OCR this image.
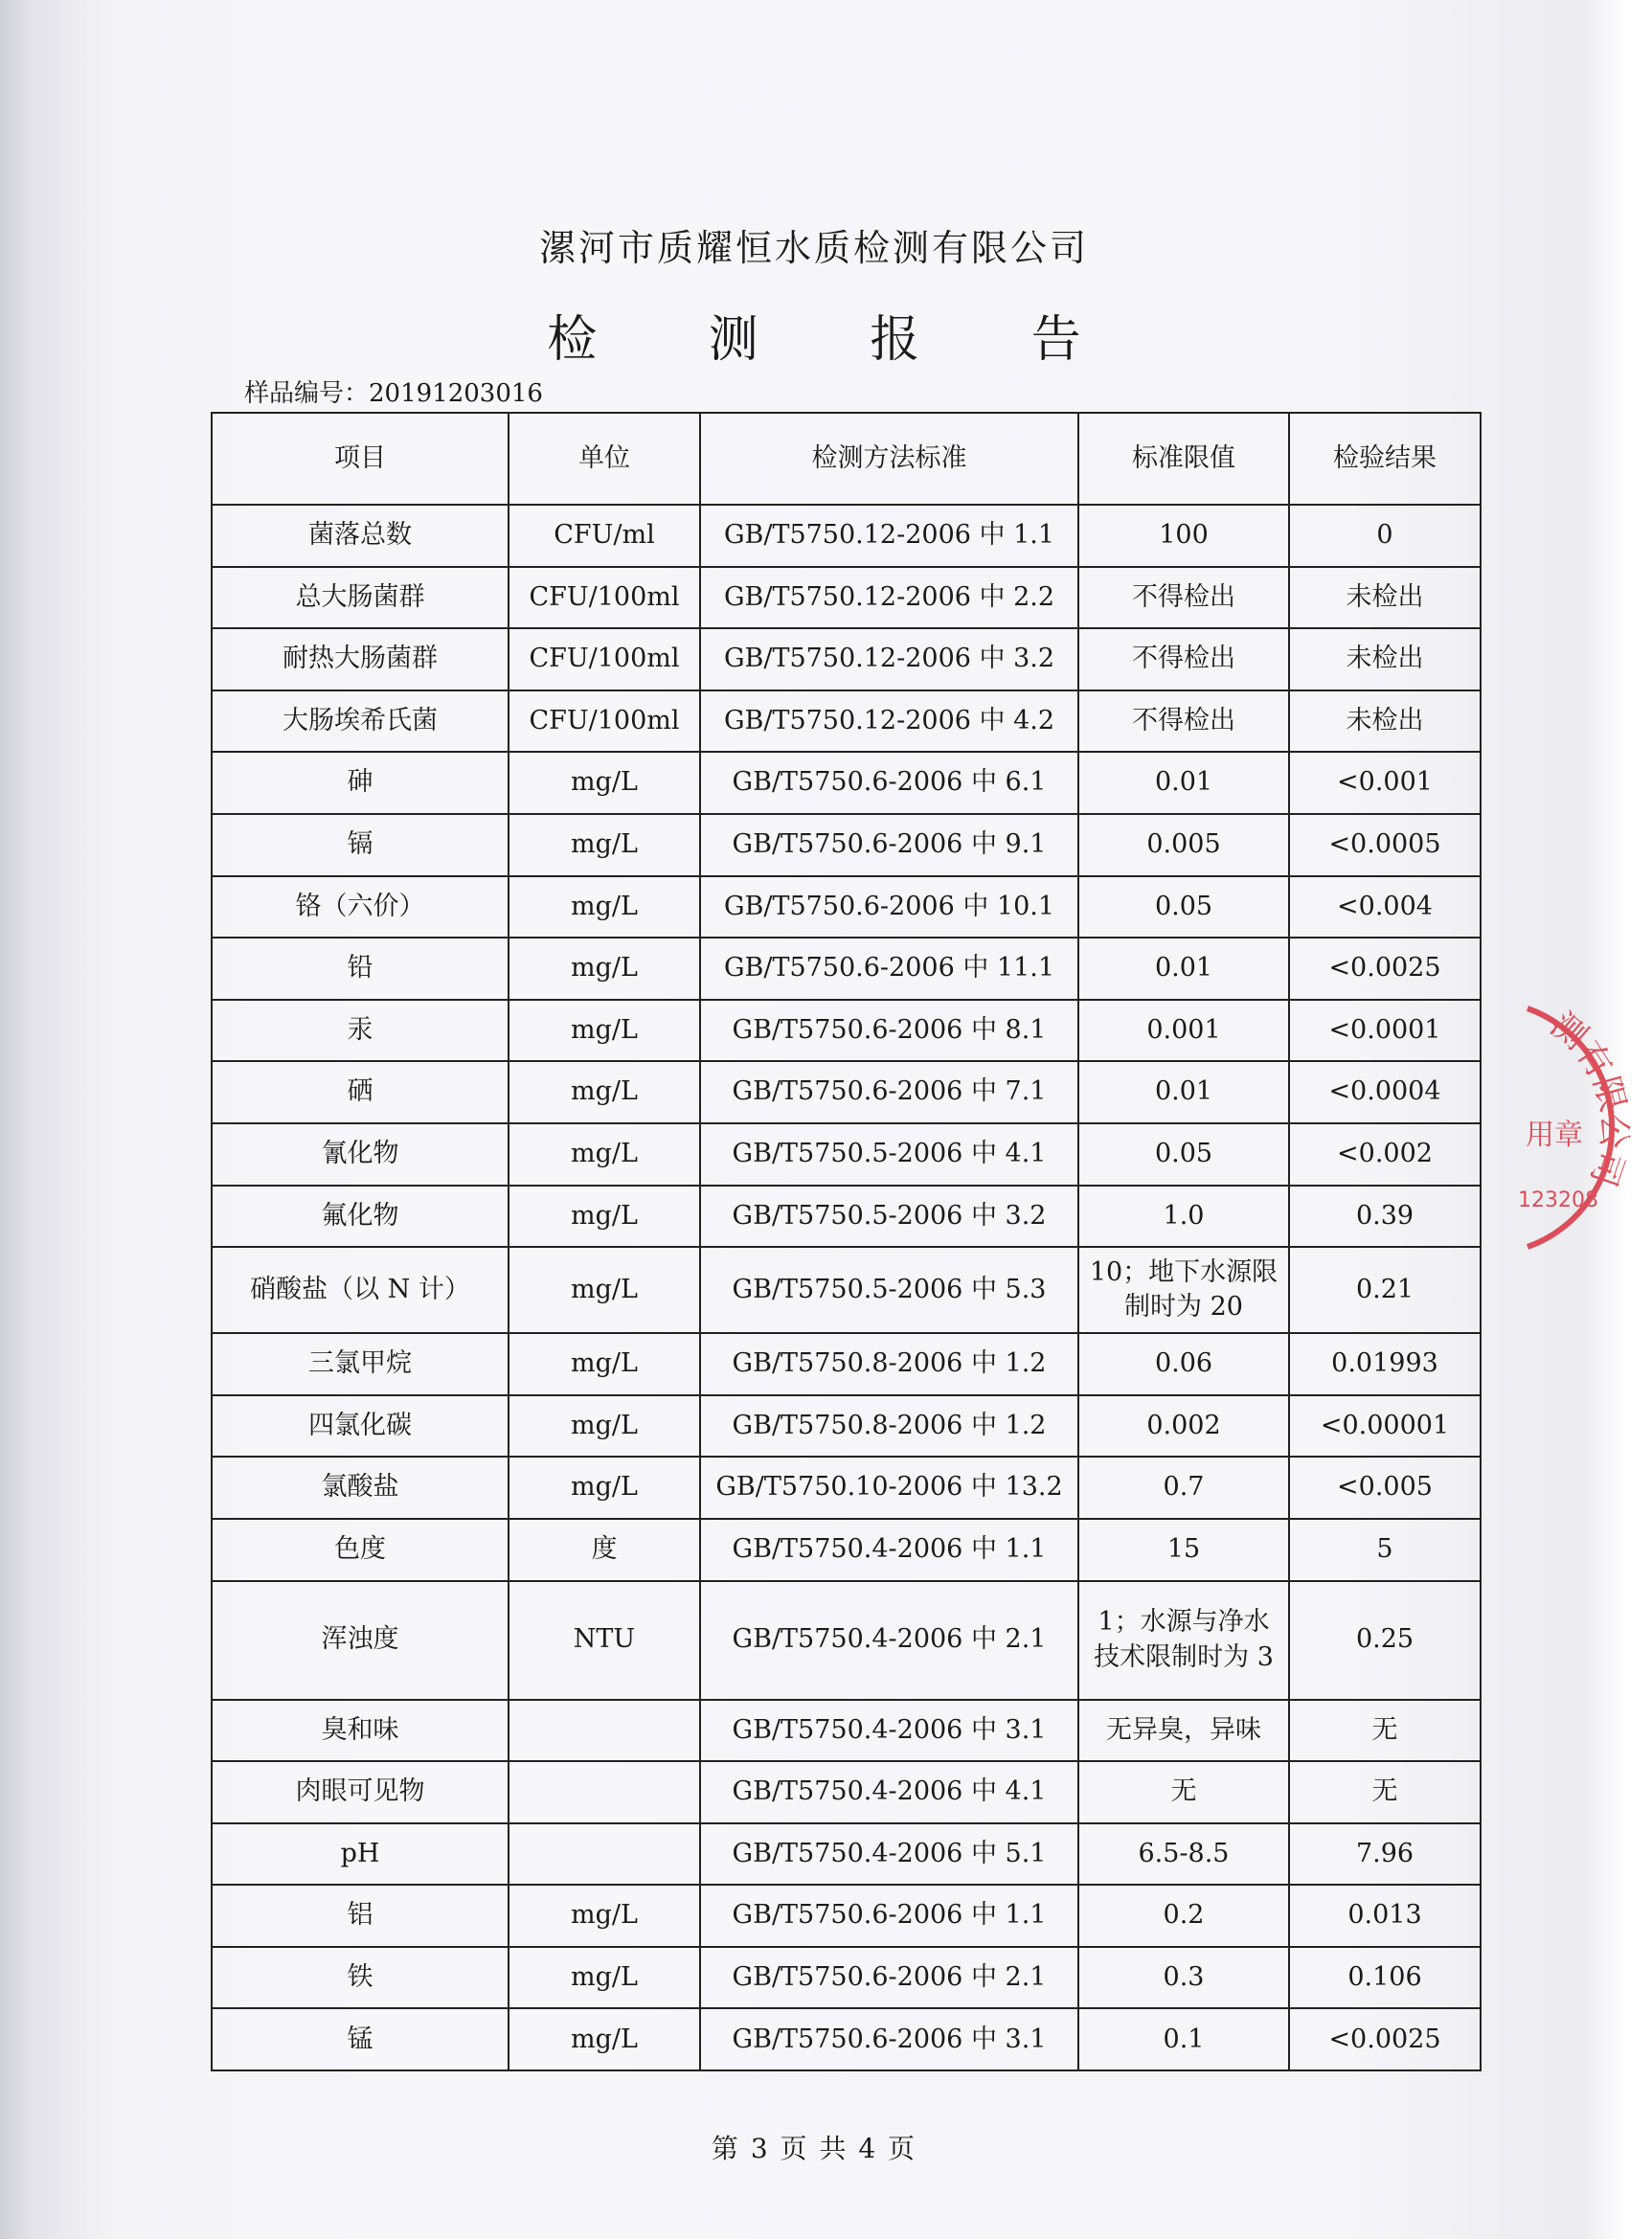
漯河市质耀恒水质检测有限公司
检 测 报 告
样品编号：20191203016
项目	单位	检测方法标准	标准限值	检验结果
菌落总数	CFU/ml	GB/T5750.12-2006 中 1.1	100	0
总大肠菌群	CFU/100ml	GB/T5750.12-2006 中 2.2	不得检出	未检出
耐热大肠菌群	CFU/100ml	GB/T5750.12-2006 中 3.2	不得检出	未检出
大肠埃希氏菌	CFU/100ml	GB/T5750.12-2006 中 4.2	不得检出	未检出
砷	mg/L	GB/T5750.6-2006 中 6.1	0.01	<0.001
镉	mg/L	GB/T5750.6-2006 中 9.1	0.005	<0.0005
铬（六价）	mg/L	GB/T5750.6-2006 中 10.1	0.05	<0.004
铅	mg/L	GB/T5750.6-2006 中 11.1	0.01	<0.0025
汞	mg/L	GB/T5750.6-2006 中 8.1	0.001	<0.0001
硒	mg/L	GB/T5750.6-2006 中 7.1	0.01	<0.0004
氰化物	mg/L	GB/T5750.5-2006 中 4.1	0.05	<0.002
氟化物	mg/L	GB/T5750.5-2006 中 3.2	1.0	0.39
硝酸盐（以 N 计）	mg/L	GB/T5750.5-2006 中 5.3	10；地下水源限制时为 20	0.21
三氯甲烷	mg/L	GB/T5750.8-2006 中 1.2	0.06	0.01993
四氯化碳	mg/L	GB/T5750.8-2006 中 1.2	0.002	<0.00001
氯酸盐	mg/L	GB/T5750.10-2006 中 13.2	0.7	<0.005
色度	度	GB/T5750.4-2006 中 1.1	15	5
浑浊度	NTU	GB/T5750.4-2006 中 2.1	1；水源与净水技术限制时为 3	0.25
臭和味		GB/T5750.4-2006 中 3.1	无异臭，异味	无
肉眼可见物		GB/T5750.4-2006 中 4.1	无	无
pH		GB/T5750.4-2006 中 5.1	6.5-8.5	7.96
铝	mg/L	GB/T5750.6-2006 中 1.1	0.2	0.013
铁	mg/L	GB/T5750.6-2006 中 2.1	0.3	0.106
锰	mg/L	GB/T5750.6-2006 中 3.1	0.1	<0.0025
第 3 页 共 4 页
测有限公司
用章
123208
